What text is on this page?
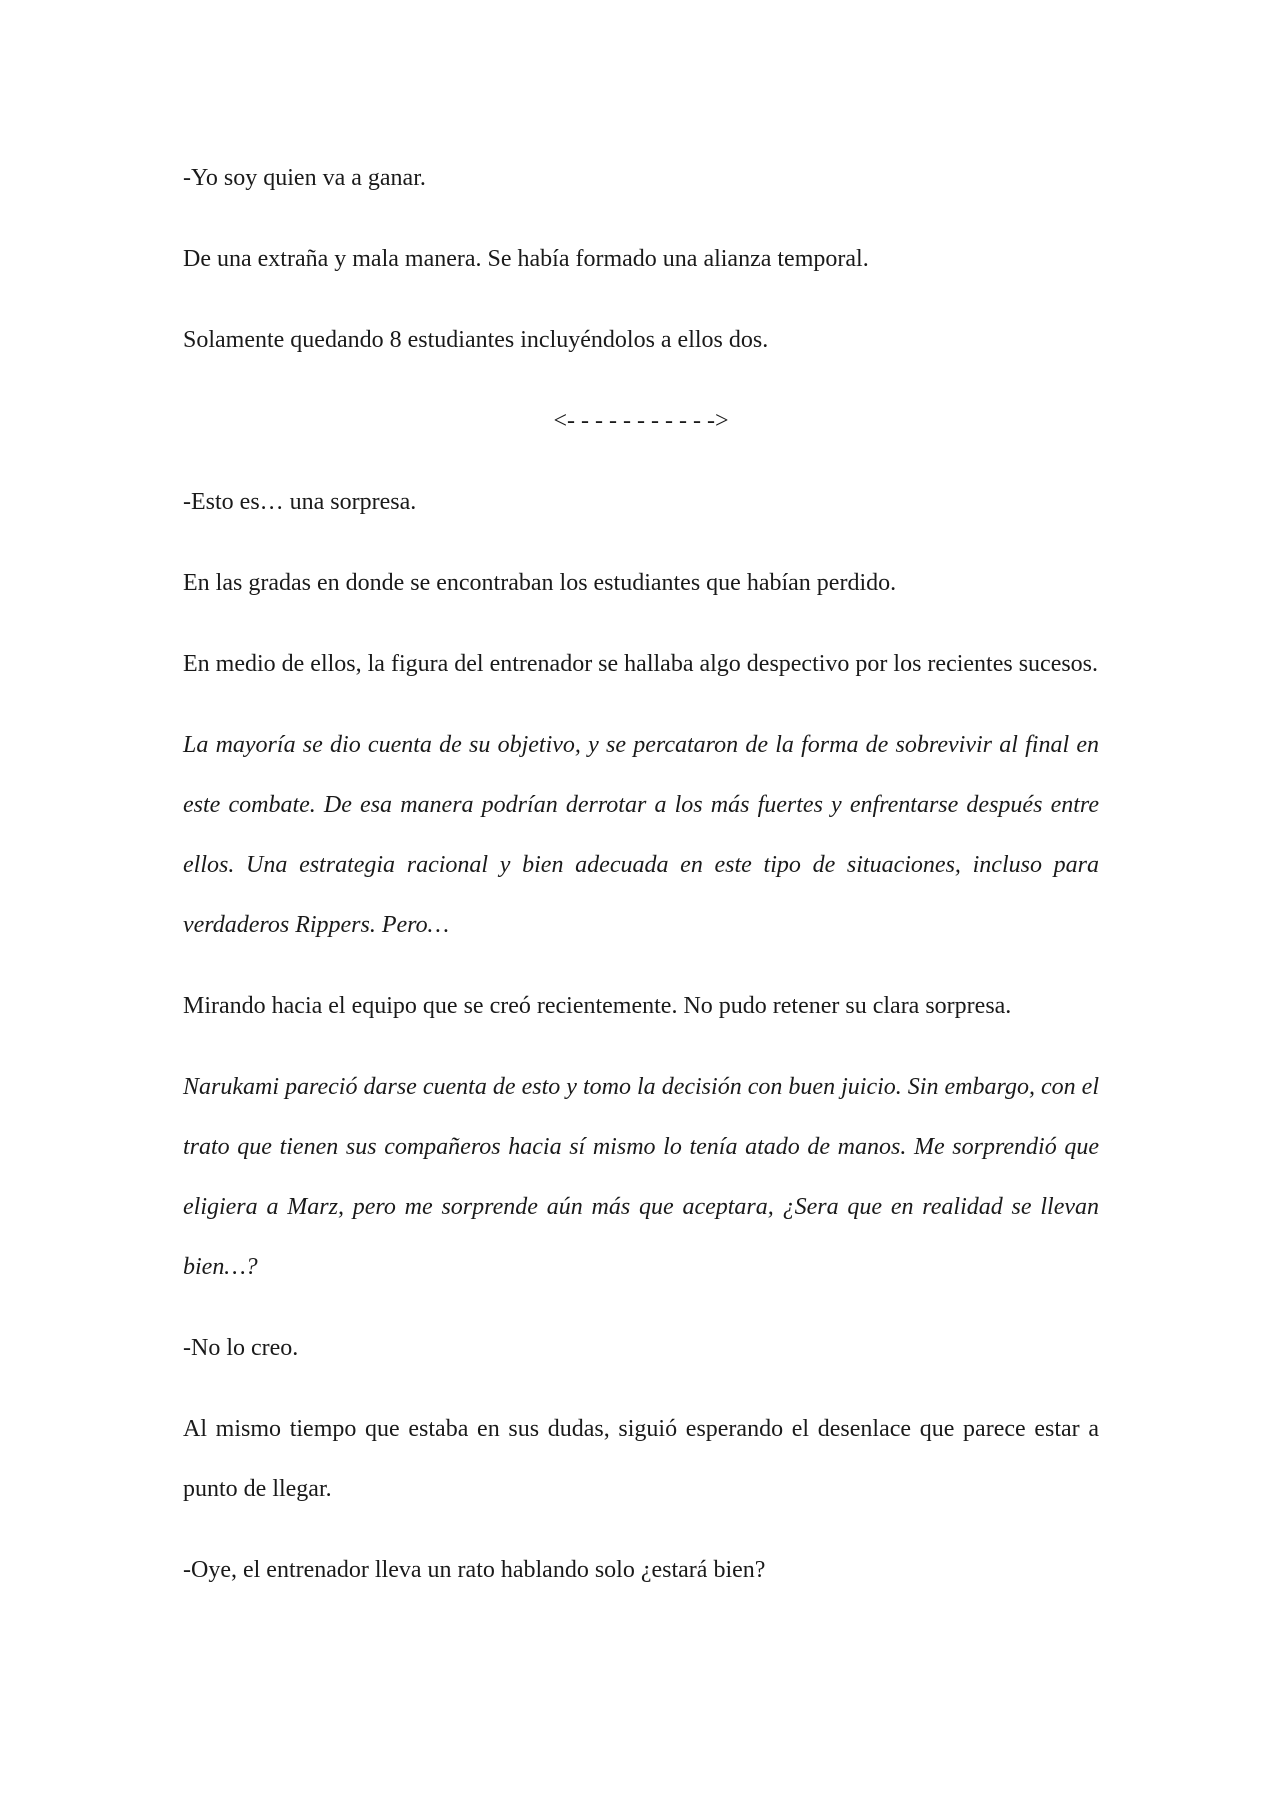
-Yo soy quien va a ganar.

De una extraña y mala manera. Se había formado una alianza temporal.

Solamente quedando 8 estudiantes incluyéndolos a ellos dos.

<- - - - - - - - - - ->

-Esto es… una sorpresa.

En las gradas en donde se encontraban los estudiantes que habían perdido.

En medio de ellos, la figura del entrenador se hallaba algo despectivo por los recientes sucesos.

La mayoría se dio cuenta de su objetivo, y se percataron de la forma de sobrevivir al final en este combate. De esa manera podrían derrotar a los más fuertes y enfrentarse después entre ellos. Una estrategia racional y bien adecuada en este tipo de situaciones, incluso para verdaderos Rippers. Pero…

Mirando hacia el equipo que se creó recientemente. No pudo retener su clara sorpresa.

Narukami pareció darse cuenta de esto y tomo la decisión con buen juicio. Sin embargo, con el trato que tienen sus compañeros hacia sí mismo lo tenía atado de manos. Me sorprendió que eligiera a Marz, pero me sorprende aún más que aceptara, ¿Sera que en realidad se llevan bien…?

-No lo creo.

Al mismo tiempo que estaba en sus dudas, siguió esperando el desenlace que parece estar a punto de llegar.

-Oye, el entrenador lleva un rato hablando solo ¿estará bien?
